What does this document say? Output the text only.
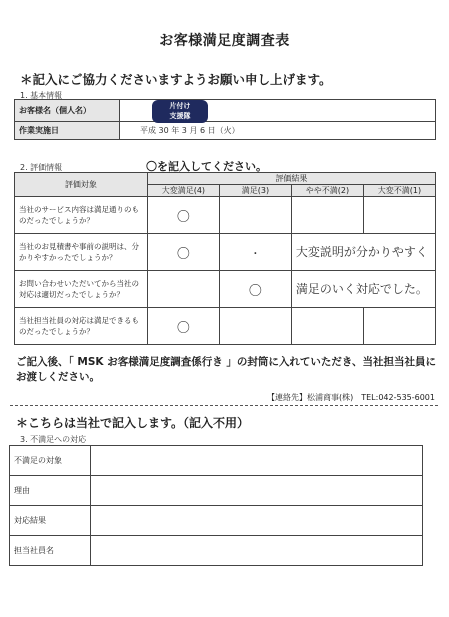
お客様満足度調査表
＊記入にご協力くださいますようお願い申し上げます。
1. 基本情報
お客様名（個人名）	
作業実施日	平成 30 年 3 月 6 日（火）
片付け
支援隊
2. 評価情報	〇を記入してください。
評価対象	評価結果			
	大変満足(4)	満足(3)	やや不満(2)	大変不満(1)
当社のサービス内容は満足通りのものだったでしょうか？	〇			
当社のお見積書や事前の説明は、分かりやすかったでしょうか？	〇	・	大変説明が分かりやすく	
お問い合わせいただいてから当社の対応は適切だったでしょうか？		〇	満足のいく対応でした。	
当社担当社員の対応は満足できるものだったでしょうか？	〇			
ご記入後、「 MSK お客様満足度調査係行き 」の封筒に入れていただき、当社担当社員にお渡しください。
【連絡先】松浦商事(株)　TEL:042-535-6001
＊こちらは当社で記入します。（記入不用）
3. 不満足への対応
不満足の対象	
理由	
対応結果	
担当社員名	
